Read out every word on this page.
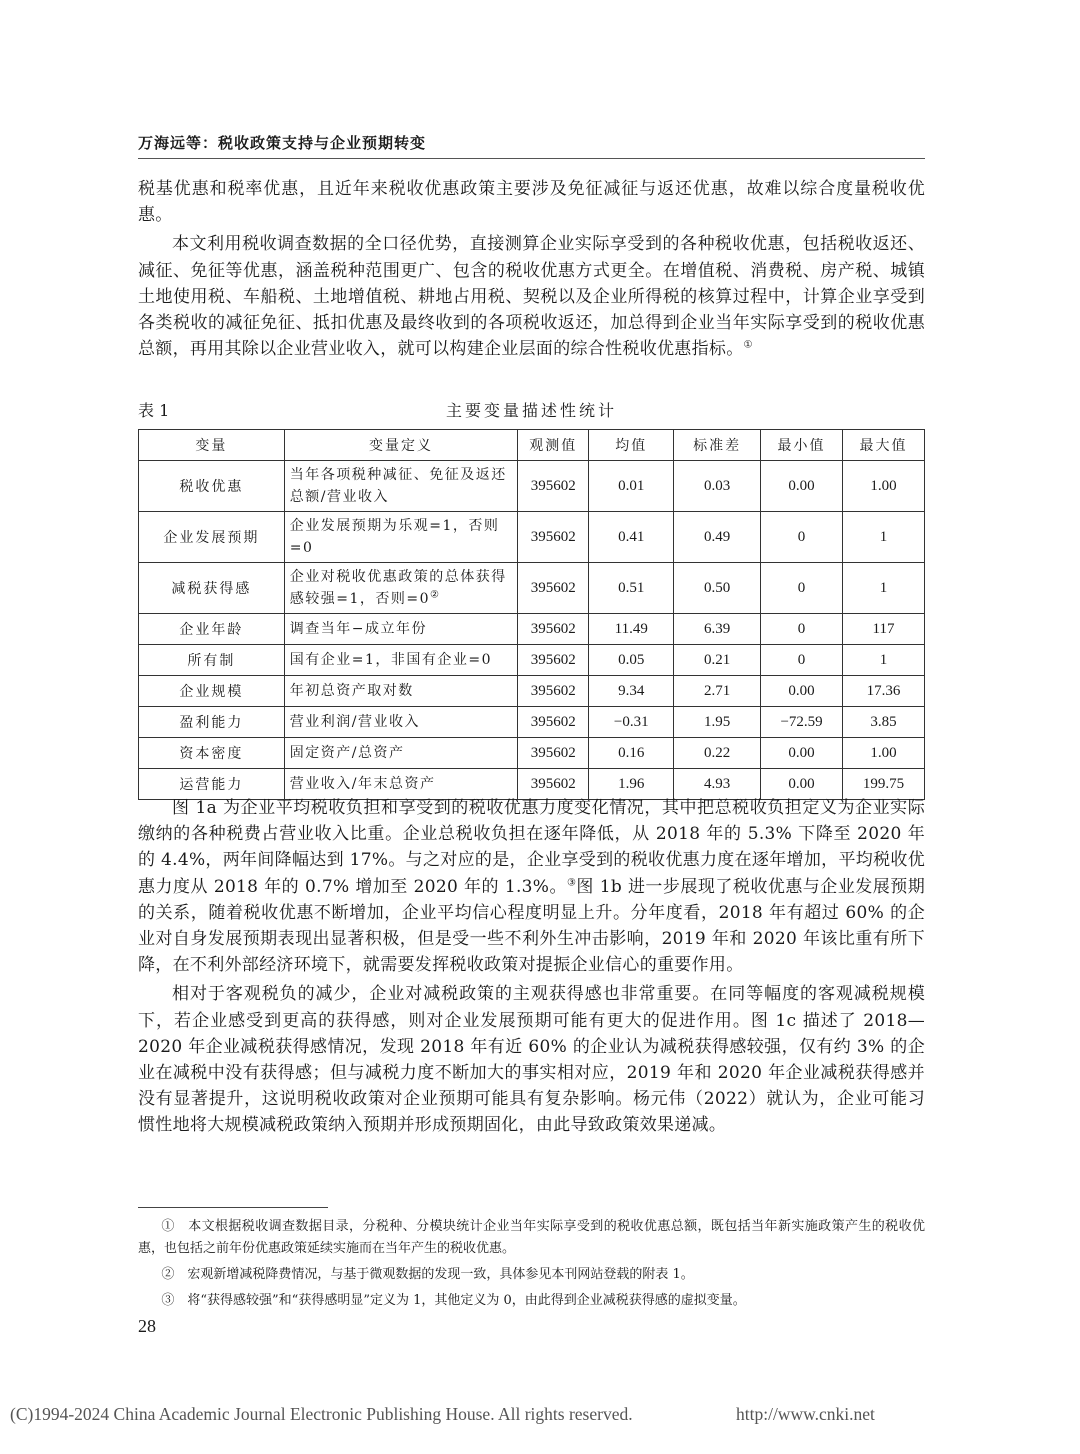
万海远等：税收政策支持与企业预期转变

税基优惠和税率优惠，且近年来税收优惠政策主要涉及免征减征与返还优惠，故难以综合度量税收优惠。

本文利用税收调查数据的全口径优势，直接测算企业实际享受到的各种税收优惠，包括税收返还、减征、免征等优惠，涵盖税种范围更广、包含的税收优惠方式更全。在增值税、消费税、房产税、城镇土地使用税、车船税、土地增值税、耕地占用税、契税以及企业所得税的核算过程中，计算企业享受到各类税收的减征免征、抵扣优惠及最终收到的各项税收返还，加总得到企业当年实际享受到的税收优惠总额，再用其除以企业营业收入，就可以构建企业层面的综合性税收优惠指标。①

表 1	主要变量描述性统计
变量	变量定义	观测值	均值	标准差	最小值	最大值
税收优惠	当年各项税种减征、免征及返还总额/营业收入	395602	0.01	0.03	0.00	1.00
企业发展预期	企业发展预期为乐观=1，否则=0	395602	0.41	0.49	0	1
减税获得感	企业对税收优惠政策的总体获得感较强=1，否则=0②	395602	0.51	0.50	0	1
企业年龄	调查当年−成立年份	395602	11.49	6.39	0	117
所有制	国有企业=1，非国有企业=0	395602	0.05	0.21	0	1
企业规模	年初总资产取对数	395602	9.34	2.71	0.00	17.36
盈利能力	营业利润/营业收入	395602	−0.31	1.95	−72.59	3.85
资本密度	固定资产/总资产	395602	0.16	0.22	0.00	1.00
运营能力	营业收入/年末总资产	395602	1.96	4.93	0.00	199.75

图 1a 为企业平均税收负担和享受到的税收优惠力度变化情况，其中把总税收负担定义为企业实际缴纳的各种税费占营业收入比重。企业总税收负担在逐年降低，从 2018 年的 5.3% 下降至 2020 年的 4.4%，两年间降幅达到 17%。与之对应的是，企业享受到的税收优惠力度在逐年增加，平均税收优惠力度从 2018 年的 0.7% 增加至 2020 年的 1.3%。③图 1b 进一步展现了税收优惠与企业发展预期的关系，随着税收优惠不断增加，企业平均信心程度明显上升。分年度看，2018 年有超过 60% 的企业对自身发展预期表现出显著积极，但是受一些不利外生冲击影响，2019 年和 2020 年该比重有所下降，在不利外部经济环境下，就需要发挥税收政策对提振企业信心的重要作用。

相对于客观税负的减少，企业对减税政策的主观获得感也非常重要。在同等幅度的客观减税规模下，若企业感受到更高的获得感，则对企业发展预期可能有更大的促进作用。图 1c 描述了 2018—2020 年企业减税获得感情况，发现 2018 年有近 60% 的企业认为减税获得感较强，仅有约 3% 的企业在减税中没有获得感；但与减税力度不断加大的事实相对应，2019 年和 2020 年企业减税获得感并没有显著提升，这说明税收政策对企业预期可能具有复杂影响。杨元伟（2022）就认为，企业可能习惯性地将大规模减税政策纳入预期并形成预期固化，由此导致政策效果递减。

①　本文根据税收调查数据目录，分税种、分模块统计企业当年实际享受到的税收优惠总额，既包括当年新实施政策产生的税收优惠，也包括之前年份优惠政策延续实施而在当年产生的税收优惠。

②　宏观新增减税降费情况，与基于微观数据的发现一致，具体参见本刊网站登载的附表 1。

③　将“获得感较强”和“获得感明显”定义为 1，其他定义为 0，由此得到企业减税获得感的虚拟变量。

28
(C)1994-2024 China Academic Journal Electronic Publishing House. All rights reserved.	http://www.cnki.net
